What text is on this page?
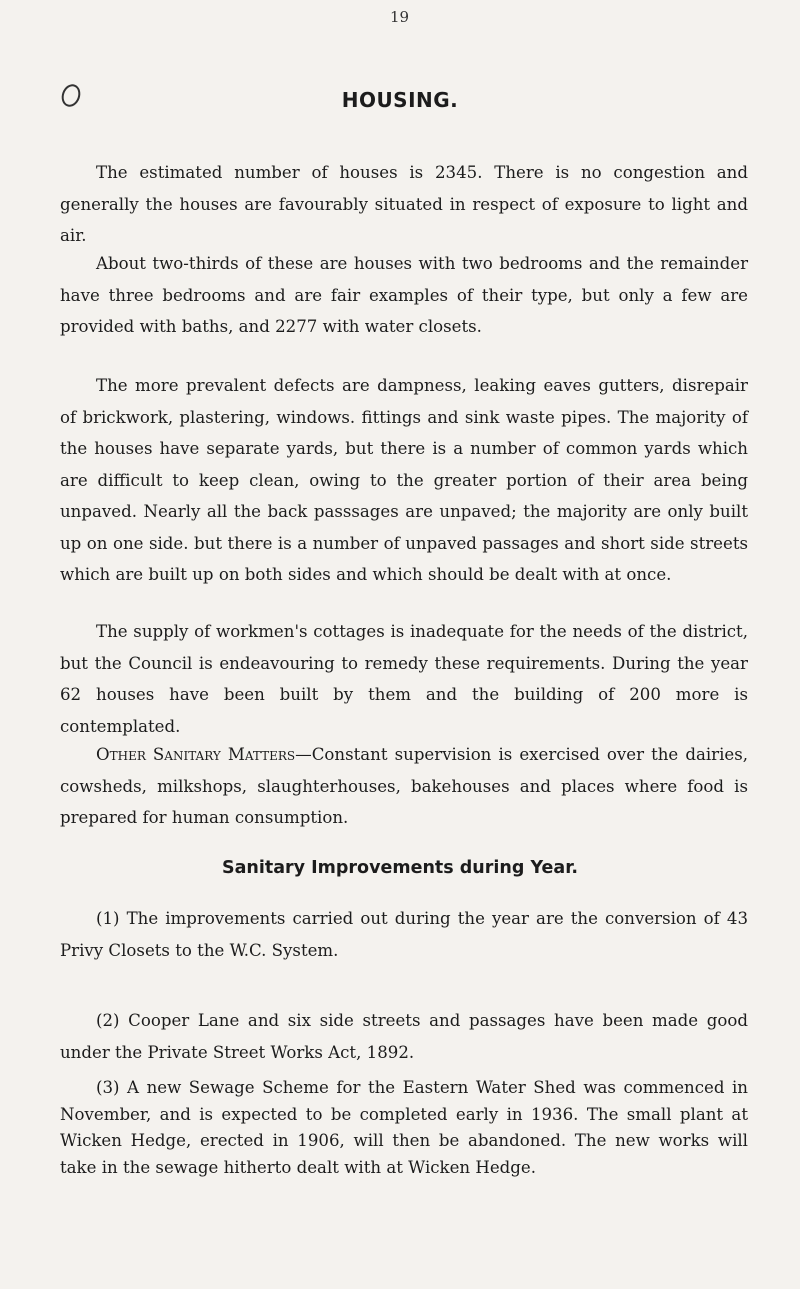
19
HOUSING.

The estimated number of houses is 2345. There is no congestion and generally the houses are favourably situated in respect of exposure to light and air.

About two-thirds of these are houses with two bedrooms and the remainder have three bedrooms and are fair examples of their type, but only a few are provided with baths, and 2277 with water closets.

The more prevalent defects are dampness, leaking eaves gutters, disrepair of brickwork, plastering, windows. fittings and sink waste pipes. The majority of the houses have separate yards, but there is a number of common yards which are difficult to keep clean, owing to the greater portion of their area being unpaved. Nearly all the back passsages are unpaved; the majority are only built up on one side. but there is a number of unpaved passages and short side streets which are built up on both sides and which should be dealt with at once.

The supply of workmen's cottages is inadequate for the needs of the district, but the Council is endeavouring to remedy these requirements. During the year 62 houses have been built by them and the building of 200 more is contemplated.

Other Sanitary Matters—Constant supervision is exercised over the dairies, cowsheds, milkshops, slaughterhouses, bakehouses and places where food is prepared for human consumption.

Sanitary Improvements during Year.

(1) The improvements carried out during the year are the conversion of 43 Privy Closets to the W.C. System.

(2) Cooper Lane and six side streets and passages have been made good under the Private Street Works Act, 1892.

(3) A new Sewage Scheme for the Eastern Water Shed was commenced in November, and is expected to be completed early in 1936. The small plant at Wicken Hedge, erected in 1906, will then be abandoned. The new works will take in the sewage hitherto dealt with at Wicken Hedge.
